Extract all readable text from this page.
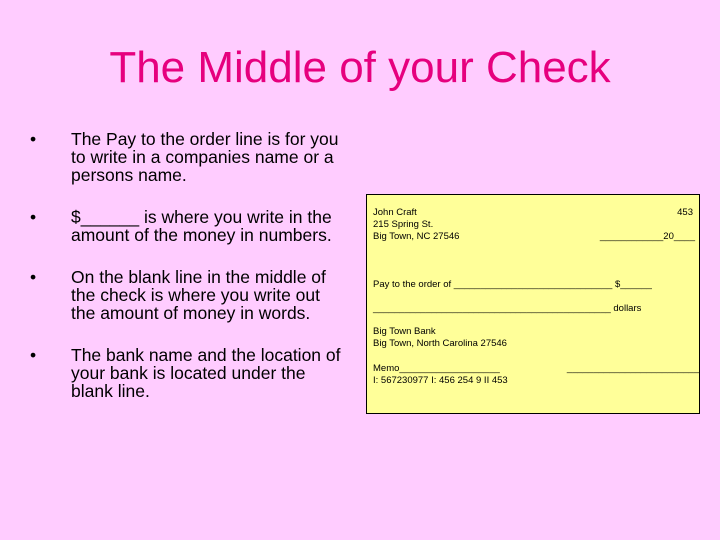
The Middle of your Check
•	The Pay to the order line is for you
to write in a companies name or a
persons name.
•	$______ is where you write in the
amount of the money in numbers.
•	On the blank line in the middle of
the check is where you write out
the amount of money in words.
•	The bank name and the location of
your bank is located under the
blank line.
John Craft
215 Spring St.
Big Town, NC 27546
453
____________20____
Pay to the order of ______________________________ $______
_____________________________________________ dollars
Big Town Bank
Big Town, North Carolina 27546
Memo___________________	_________________________
I: 567230977 I: 456 254 9 II 453
